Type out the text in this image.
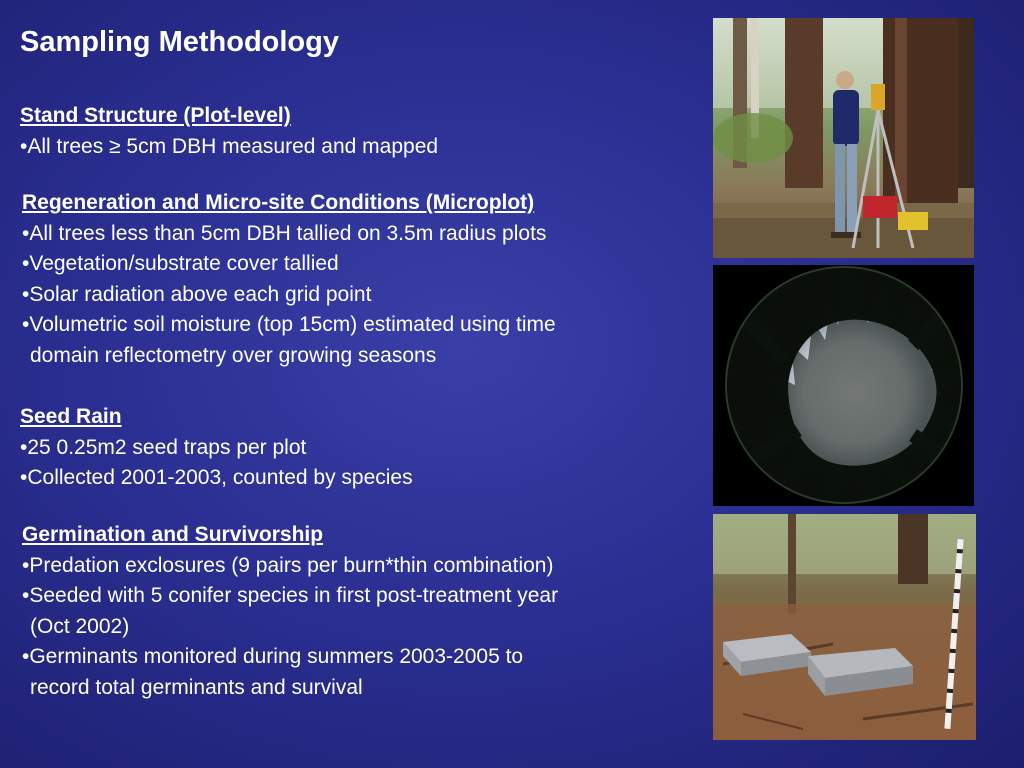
Sampling Methodology
Stand Structure (Plot-level)
•All trees ≥ 5cm DBH measured and mapped
Regeneration and Micro-site Conditions (Microplot)
•All trees less than 5cm DBH tallied on 3.5m radius plots
•Vegetation/substrate cover tallied
•Solar radiation above each grid point
•Volumetric soil moisture (top 15cm) estimated using time
domain reflectometry over growing seasons
Seed Rain
•25 0.25m2 seed traps per plot
•Collected 2001-2003, counted by species
Germination and Survivorship
•Predation exclosures (9 pairs per burn*thin combination)
•Seeded with 5 conifer species in first post-treatment year
(Oct 2002)
•Germinants monitored during summers 2003-2005 to
record total germinants and survival
